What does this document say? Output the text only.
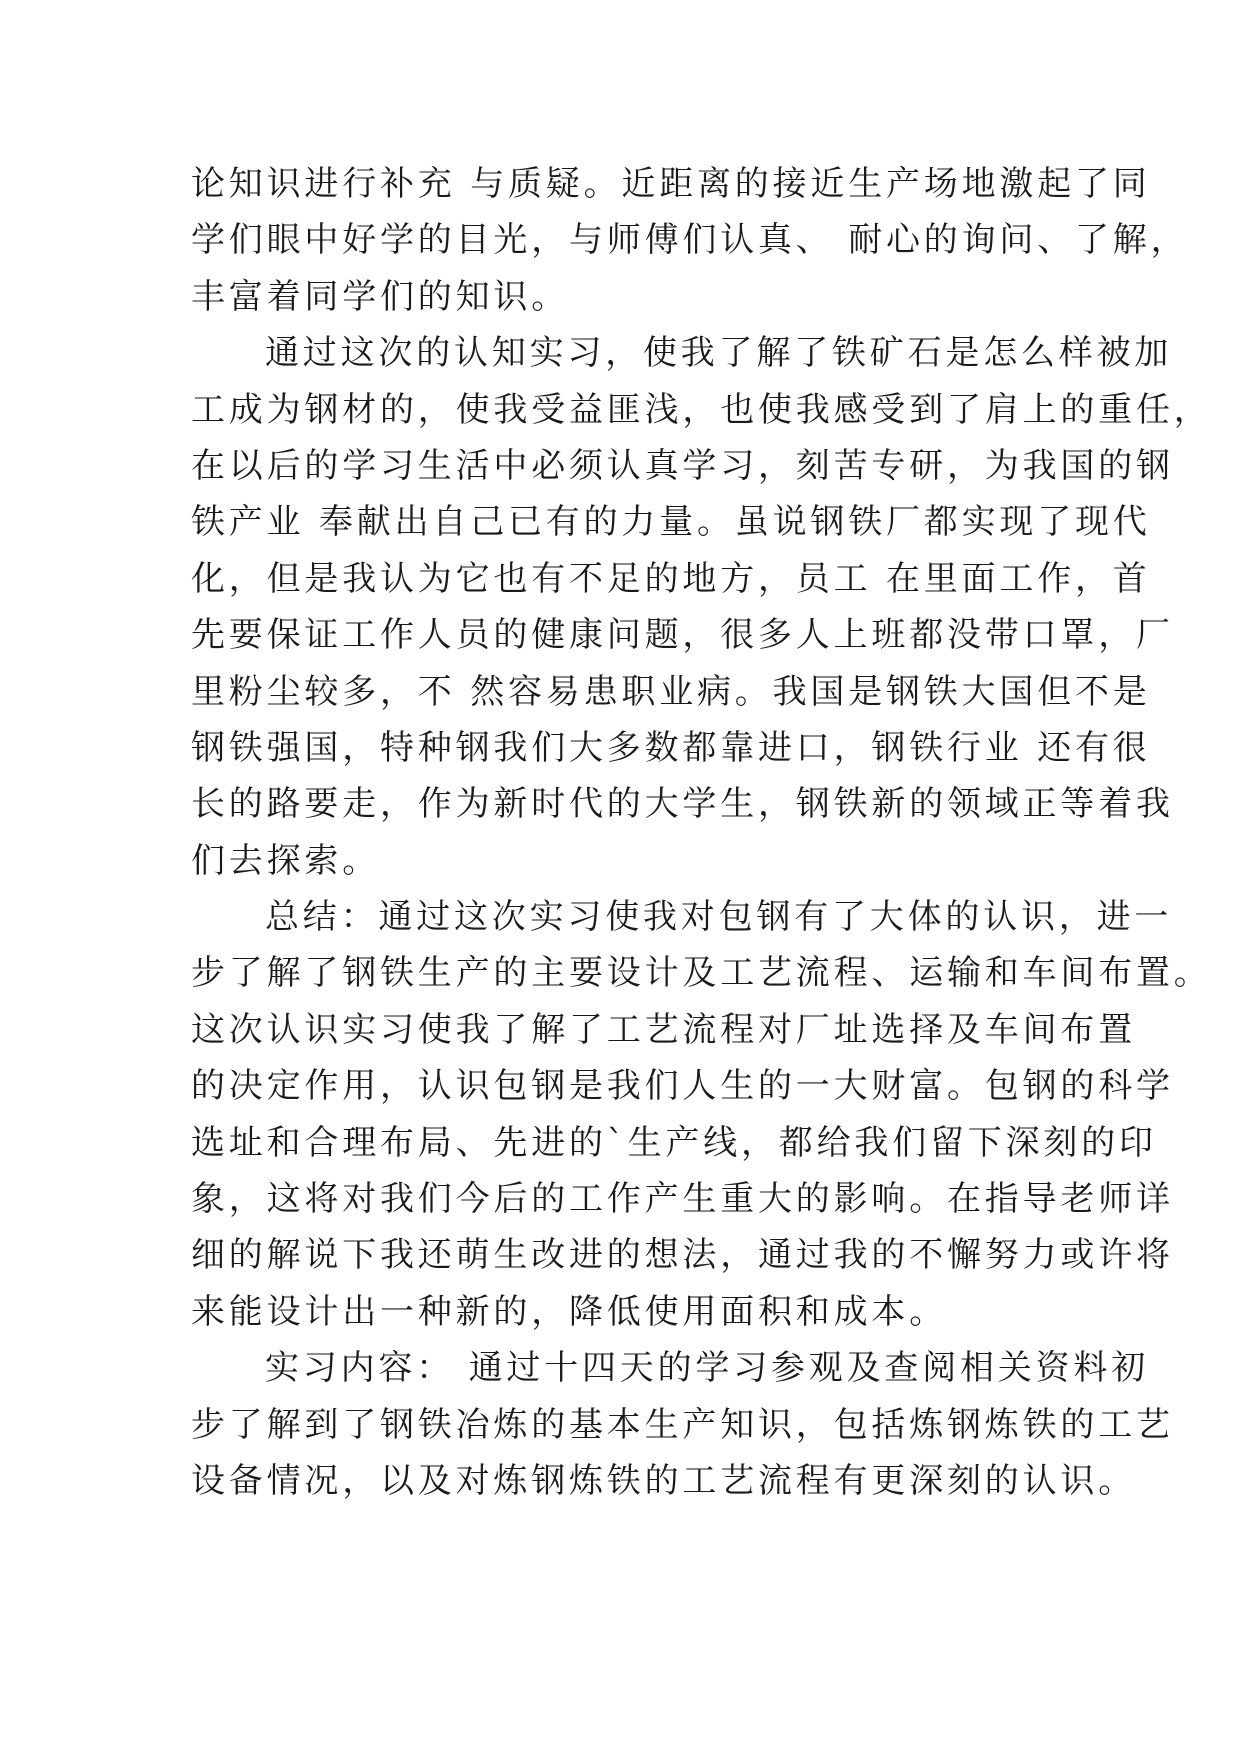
论知识进行补充 与质疑。近距离的接近生产场地激起了同
学们眼中好学的目光，与师傅们认真、 耐心的询问、了解，
丰富着同学们的知识。

通过这次的认知实习，使我了解了铁矿石是怎么样被加
工成为钢材的，使我受益匪浅，也使我感受到了肩上的重任，
在以后的学习生活中必须认真学习，刻苦专研，为我国的钢
铁产业 奉献出自己已有的力量。虽说钢铁厂都实现了现代
化，但是我认为它也有不足的地方，员工 在里面工作，首
先要保证工作人员的健康问题，很多人上班都没带口罩，厂
里粉尘较多，不 然容易患职业病。我国是钢铁大国但不是
钢铁强国，特种钢我们大多数都靠进口，钢铁行业 还有很
长的路要走，作为新时代的大学生，钢铁新的领域正等着我
们去探索。

总结：通过这次实习使我对包钢有了大体的认识，进一
步了解了钢铁生产的主要设计及工艺流程、运输和车间布置。
这次认识实习使我了解了工艺流程对厂址选择及车间布置
的决定作用，认识包钢是我们人生的一大财富。包钢的科学
选址和合理布局、先进的`生产线，都给我们留下深刻的印
象，这将对我们今后的工作产生重大的影响。在指导老师详
细的解说下我还萌生改进的想法，通过我的不懈努力或许将
来能设计出一种新的，降低使用面积和成本。

实习内容： 通过十四天的学习参观及查阅相关资料初
步了解到了钢铁冶炼的基本生产知识，包括炼钢炼铁的工艺
设备情况，以及对炼钢炼铁的工艺流程有更深刻的认识。
